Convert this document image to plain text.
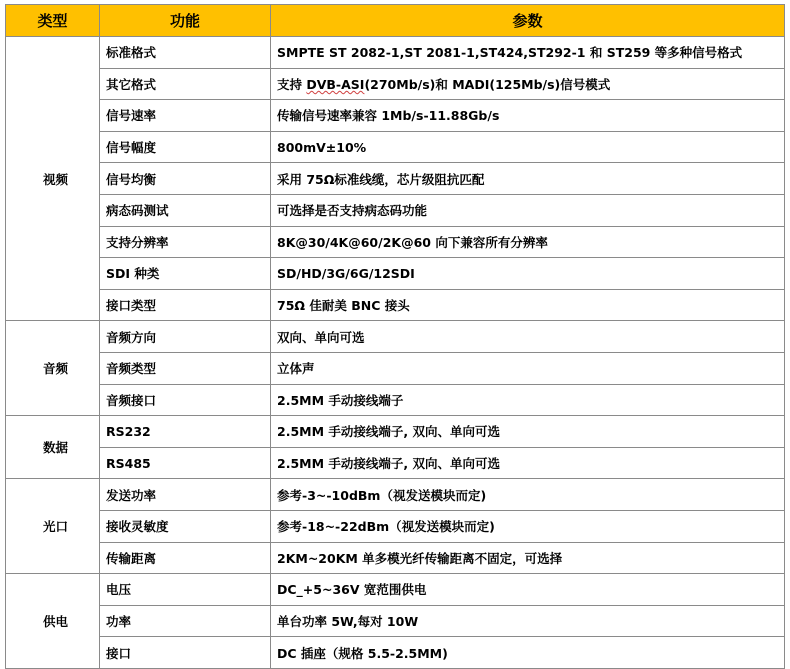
类型	功能	参数
视频	标准格式	SMPTE ST 2082-1,ST 2081-1,ST424,ST292-1 和 ST259 等多种信号格式
	其它格式	支持 DVB-ASI(270Mb/s)和 MADI(125Mb/s)信号模式
	信号速率	传输信号速率兼容 1Mb/s-11.88Gb/s
	信号幅度	800mV±10%
	信号均衡	采用 75Ω标准线缆，芯片级阻抗匹配
	病态码测试	可选择是否支持病态码功能
	支持分辨率	8K@30/4K@60/2K@60 向下兼容所有分辨率
	SDI 种类	SD/HD/3G/6G/12SDI
	接口类型	75Ω 佳耐美 BNC 接头
音频	音频方向	双向、单向可选
	音频类型	立体声
	音频接口	2.5MM 手动接线端子
数据	RS232	2.5MM 手动接线端子, 双向、单向可选
	RS485	2.5MM 手动接线端子, 双向、单向可选
光口	发送功率	参考-3~-10dBm（视发送模块而定)
	接收灵敏度	参考-18~-22dBm（视发送模块而定)
	传输距离	2KM~20KM 单多模光纤传输距离不固定，可选择
供电	电压	DC_+5~36V 宽范围供电
	功率	单台功率 5W,每对 10W
	接口	DC 插座（规格 5.5-2.5MM)
